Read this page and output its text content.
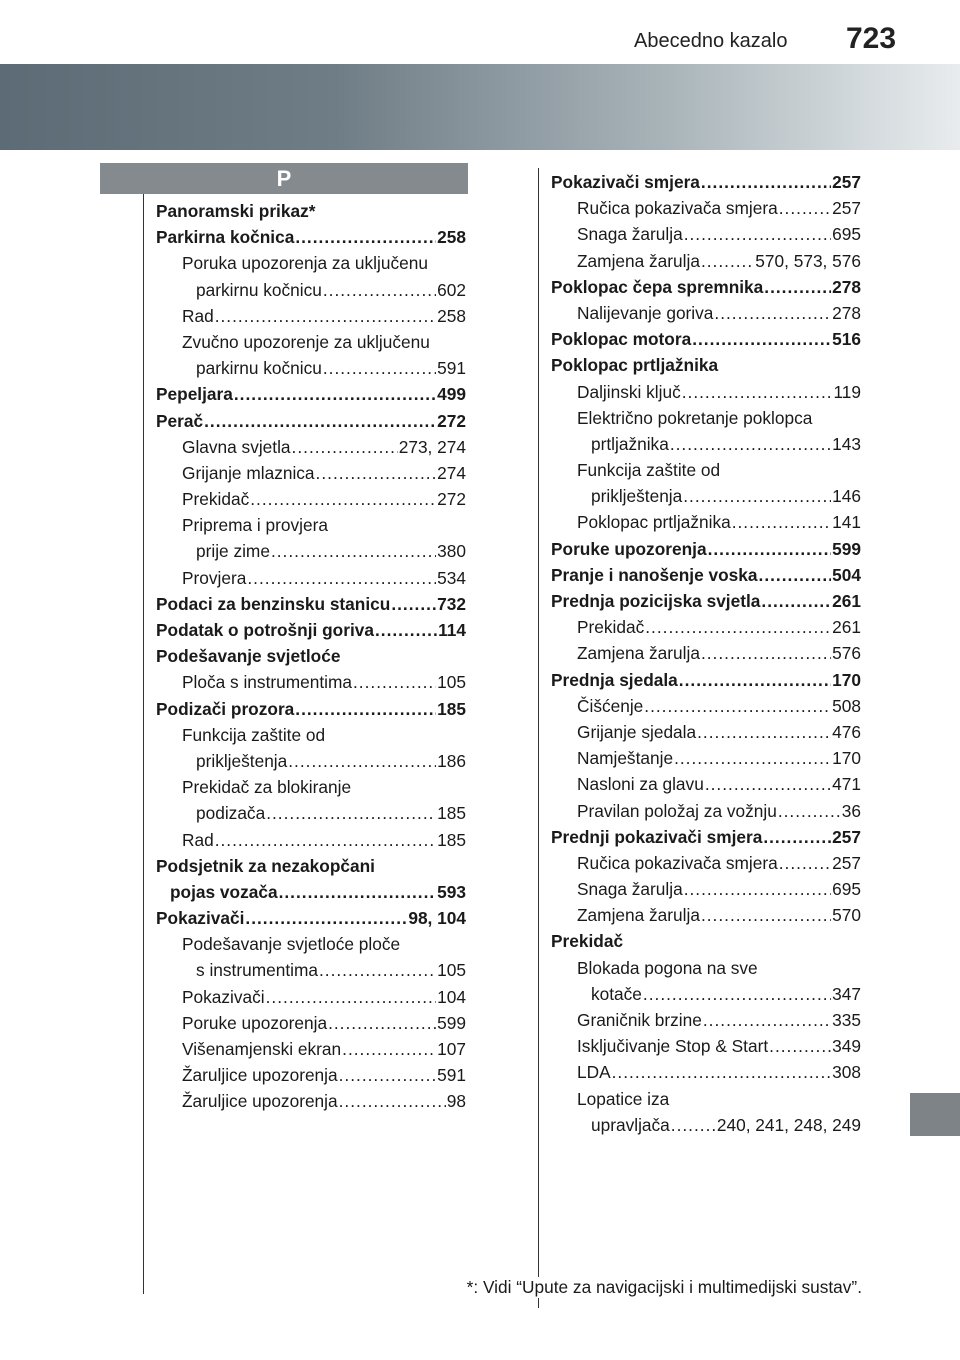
Abecedno kazalo 723
P
Panoramski prikaz*
Parkirna kočnica .....	258
Poruka upozorenja za uključenu
parkirnu kočnicu .....	602
Rad .....	258
Zvučno upozorenje za uključenu
parkirnu kočnicu .....	591
Pepeljara .....	499
Perač .....	272
Glavna svjetla .....	273, 274
Grijanje mlaznica .....	274
Prekidač .....	272
Priprema i provjera
prije zime .....	380
Provjera .....	534
Podaci za benzinsku stanicu .....	732
Podatak o potrošnji goriva .....	114
Podešavanje svjetloće
Ploča s instrumentima .....	105
Podizači prozora .....	185
Funkcija zaštite od
priklještenja .....	186
Prekidač za blokiranje
podizača .....	185
Rad .....	185
Podsjetnik za nezakopčani
pojas vozača .....	593
Pokazivači .....	98, 104
Podešavanje svjetloće ploče
s instrumentima .....	105
Pokazivači .....	104
Poruke upozorenja .....	599
Višenamjenski ekran .....	107
Žaruljice upozorenja .....	591
Žaruljice upozorenja .....	98
Pokazivači smjera .....	257
Ručica pokazivača smjera .....	257
Snaga žarulja .....	695
Zamjena žarulja .....	570, 573, 576
Poklopac čepa spremnika .....	278
Nalijevanje goriva .....	278
Poklopac motora .....	516
Poklopac prtljažnika
Daljinski ključ .....	119
Električno pokretanje poklopca
prtljažnika .....	143
Funkcija zaštite od
priklještenja .....	146
Poklopac prtljažnika .....	141
Poruke upozorenja .....	599
Pranje i nanošenje voska .....	504
Prednja pozicijska svjetla .....	261
Prekidač .....	261
Zamjena žarulja .....	576
Prednja sjedala .....	170
Čišćenje .....	508
Grijanje sjedala .....	476
Namještanje .....	170
Nasloni za glavu .....	471
Pravilan položaj za vožnju .....	36
Prednji pokazivači smjera .....	257
Ručica pokazivača smjera .....	257
Snaga žarulja .....	695
Zamjena žarulja .....	570
Prekidač
Blokada pogona na sve
kotače .....	347
Graničnik brzine .....	335
Isključivanje Stop & Start .....	349
LDA .....	308
Lopatice iza
upravljača .....	240, 241, 248, 249
*: Vidi “Upute za navigacijski i multimedijski sustav”.
